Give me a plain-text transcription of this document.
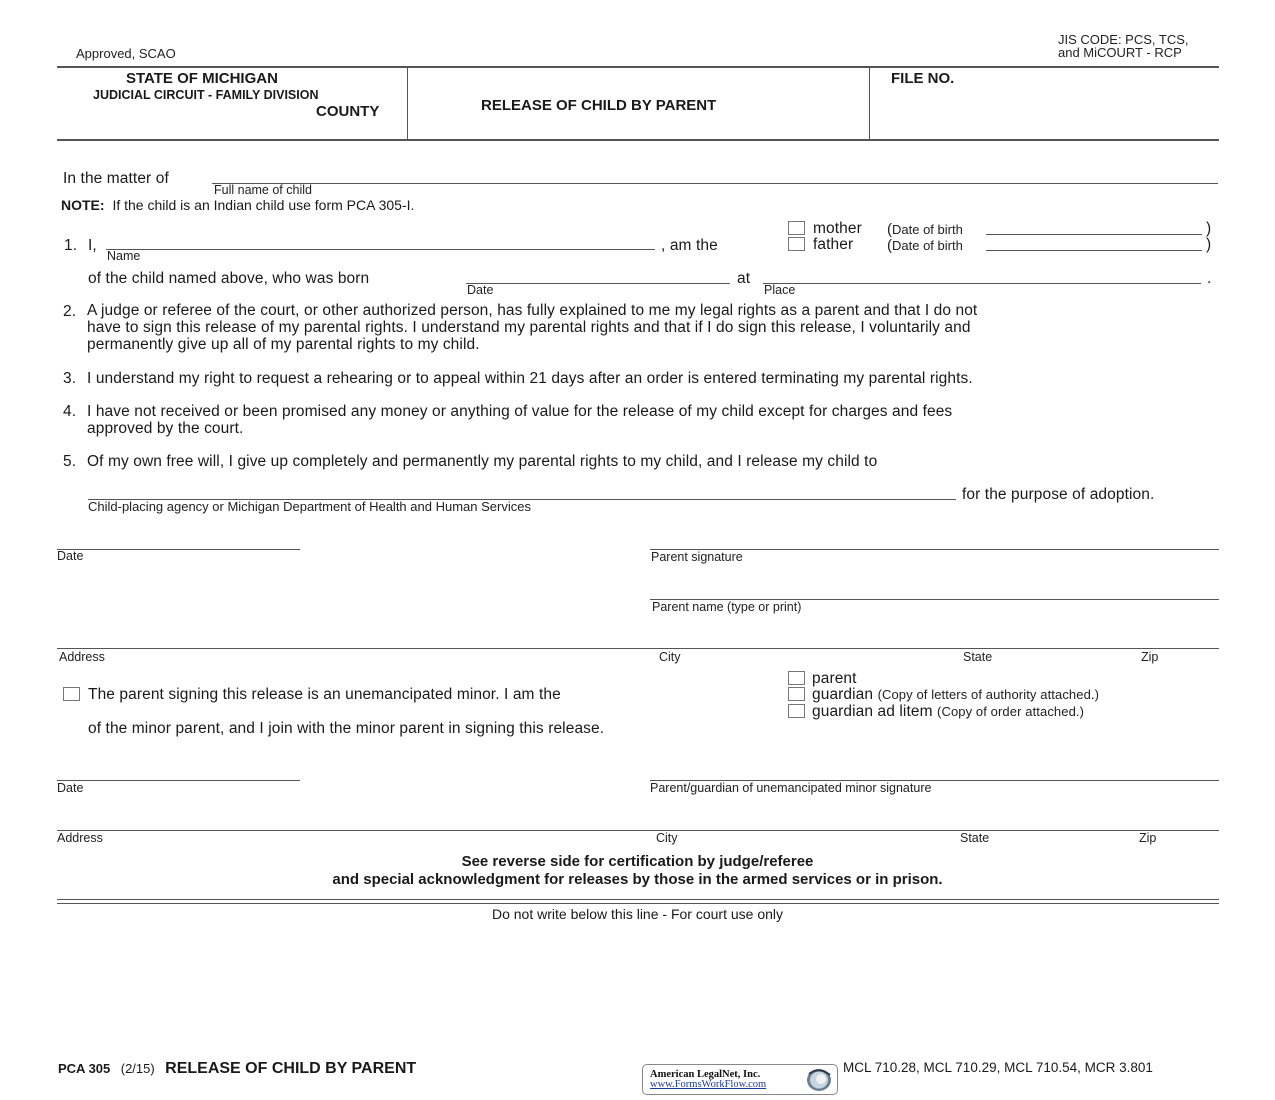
Approved, SCAO
JIS CODE: PCS, TCS,
and MiCOURT - RCP
STATE OF MICHIGAN
JUDICIAL CIRCUIT - FAMILY DIVISION
COUNTY	RELEASE OF CHILD BY PARENT
FILE NO.
In the matter of
Full name of child
NOTE: If the child is an Indian child use form PCA 305-I.
1. I,
Name
, am the
mother (Date of birth	)
father (Date of birth	)
of the child named above, who was born
Date
at
Place
.
2. A judge or referee of the court, or other authorized person, has fully explained to me my legal rights as a parent and that I do not
have to sign this release of my parental rights. I understand my parental rights and that if I do sign this release, I voluntarily and
permanently give up all of my parental rights to my child.
3. I understand my right to request a rehearing or to appeal within 21 days after an order is entered terminating my parental rights.
4. I have not received or been promised any money or anything of value for the release of my child except for charges and fees
approved by the court.
5. Of my own free will, I give up completely and permanently my parental rights to my child, and I release my child to
Child-placing agency or Michigan Department of Health and Human Services
for the purpose of adoption.
Date	Parent signature
Parent name (type or print)
Address	City	State	Zip
The parent signing this release is an unemancipated minor. I am the
of the minor parent, and I join with the minor parent in signing this release.
parent
guardian (Copy of letters of authority attached.)
guardian ad litem (Copy of order attached.)
Date	Parent/guardian of unemancipated minor signature
Address	City	State	Zip
See reverse side for certification by judge/referee
and special acknowledgment for releases by those in the armed services or in prison.
Do not write below this line - For court use only
PCA 305 (2/15) RELEASE OF CHILD BY PARENT	American LegalNet, Inc.
www.FormsWorkFlow.com
MCL 710.28, MCL 710.29, MCL 710.54, MCR 3.801
